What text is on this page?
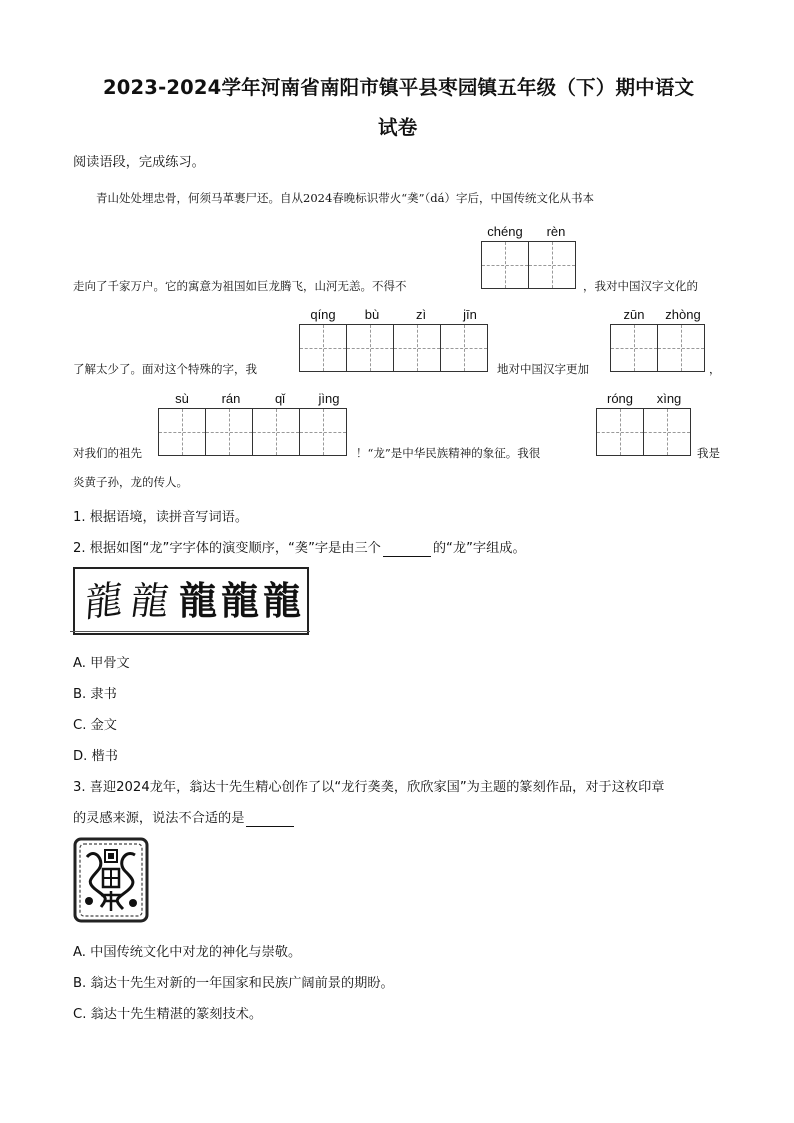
2023-2024学年河南省南阳市镇平县枣园镇五年级（下）期中语文
试卷
阅读语段，完成练习。
青山处处埋忠骨，何须马革裹尸还。自从2024春晚标识带火“䶮”（dá）字后，中国传统文化从书本
chéng	rèn
走向了千家万户。它的寓意为祖国如巨龙腾飞，山河无恙。不得不	，我对中国汉字文化的
qíng	bù	zì	jīn	zūn	zhòng
了解太少了。面对这个特殊的字，我	地对中国汉字更加	，
sù	rán	qǐ	jìng	róng	xìng
对我们的祖先	！“龙”是中华民族精神的象征。我很	我是
炎黄子孙，龙的传人。
1. 根据语境，读拼音写词语。
2. 根据如图“龙”字字体的演变顺序，“䶮”字是由三个	的“龙”字组成。
龍 龍 龍 龍 龍
A. 甲骨文
B. 隶书
C. 金文
D. 楷书
3. 喜迎2024龙年，翁达十先生精心创作了以“龙行䶮䶮，欣欣家国”为主题的篆刻作品，对于这枚印章
的灵感来源，说法不合适的是
A. 中国传统文化中对龙的神化与崇敬。
B. 翁达十先生对新的一年国家和民族广阔前景的期盼。
C. 翁达十先生精湛的篆刻技术。
